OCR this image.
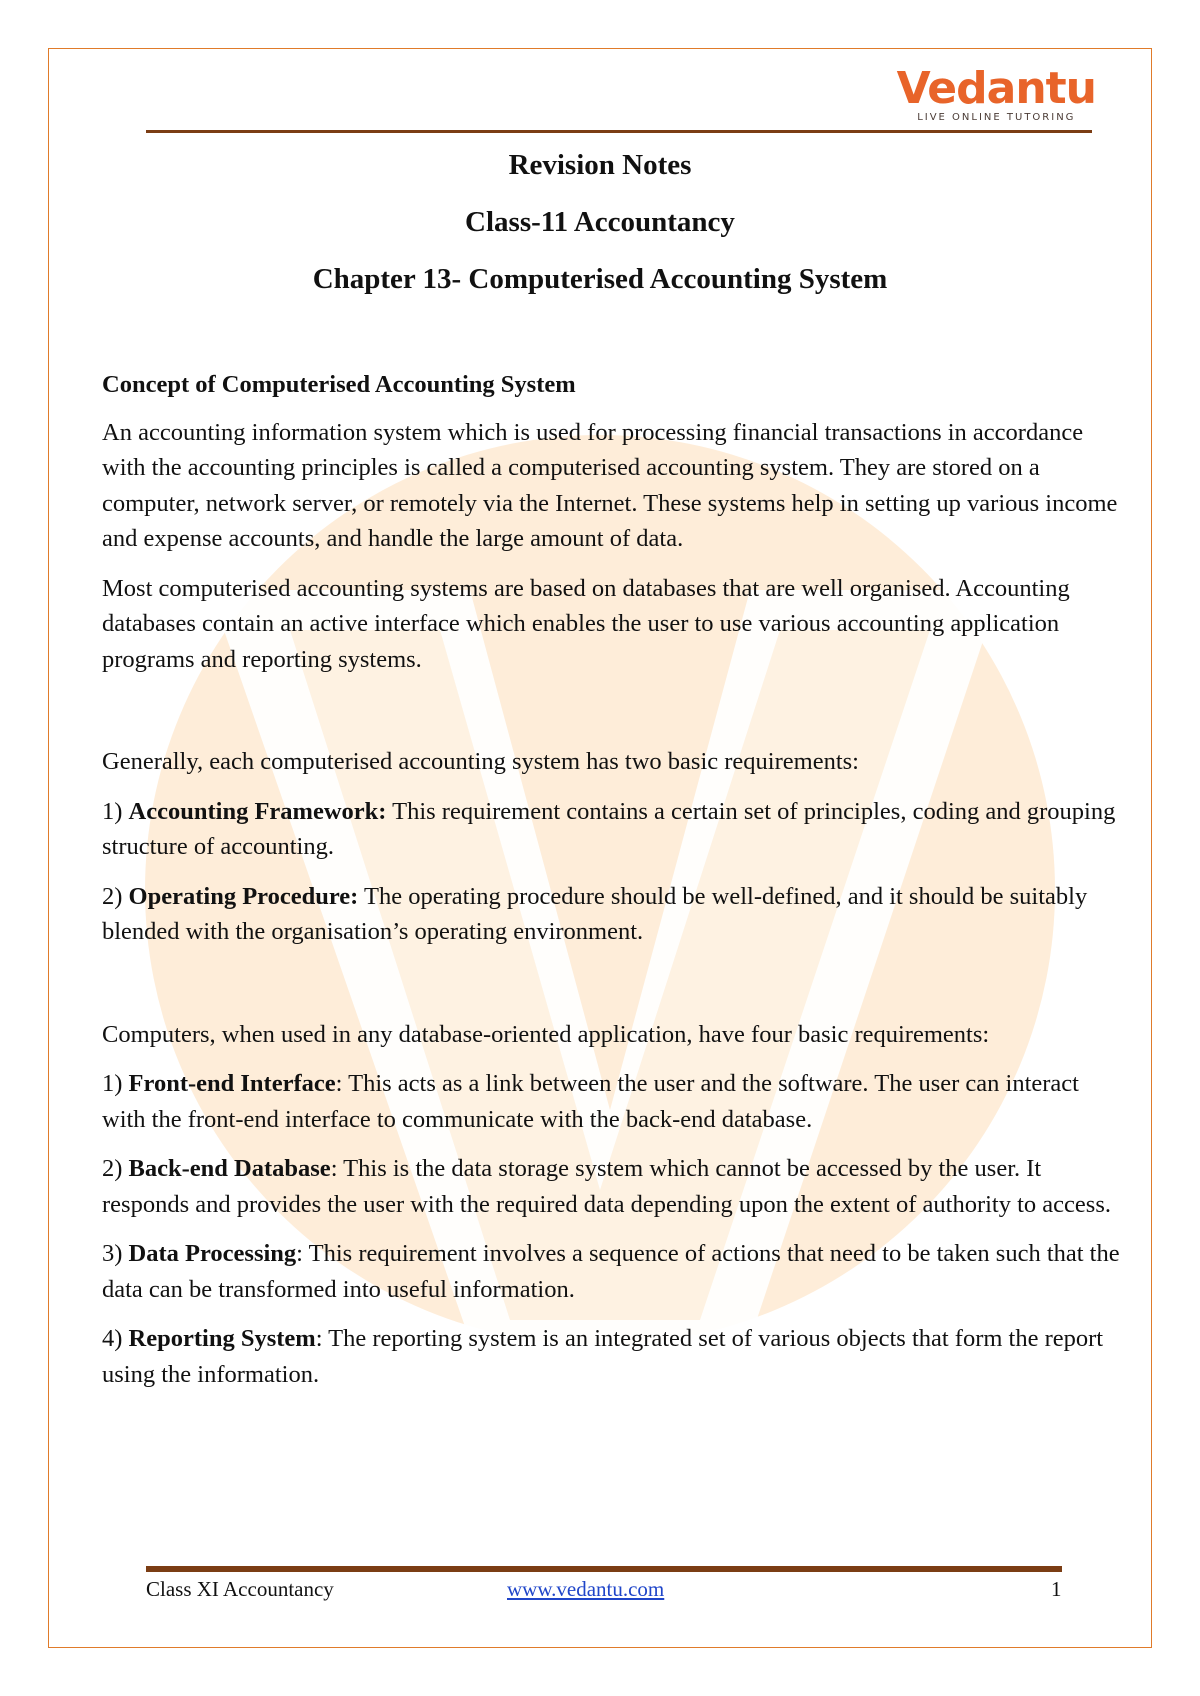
Vedantu
LIVE ONLINE TUTORING
Revision Notes
Class-11 Accountancy
Chapter 13- Computerised Accounting System

Concept of Computerised Accounting System

An accounting information system which is used for processing financial transactions in accordance with the accounting principles is called a computerised accounting system. They are stored on a computer, network server, or remotely via the Internet. These systems help in setting up various income and expense accounts, and handle the large amount of data.

Most computerised accounting systems are based on databases that are well organised. Accounting databases contain an active interface which enables the user to use various accounting application programs and reporting systems.

Generally, each computerised accounting system has two basic requirements:

1) Accounting Framework: This requirement contains a certain set of principles, coding and grouping structure of accounting.

2) Operating Procedure: The operating procedure should be well-defined, and it should be suitably blended with the organisation’s operating environment.

Computers, when used in any database-oriented application, have four basic requirements:

1) Front-end Interface: This acts as a link between the user and the software. The user can interact with the front-end interface to communicate with the back-end database.

2) Back-end Database: This is the data storage system which cannot be accessed by the user. It responds and provides the user with the required data depending upon the extent of authority to access.

3) Data Processing: This requirement involves a sequence of actions that need to be taken such that the data can be transformed into useful information.

4) Reporting System: The reporting system is an integrated set of various objects that form the report using the information.

Class XI Accountancy	www.vedantu.com	1
